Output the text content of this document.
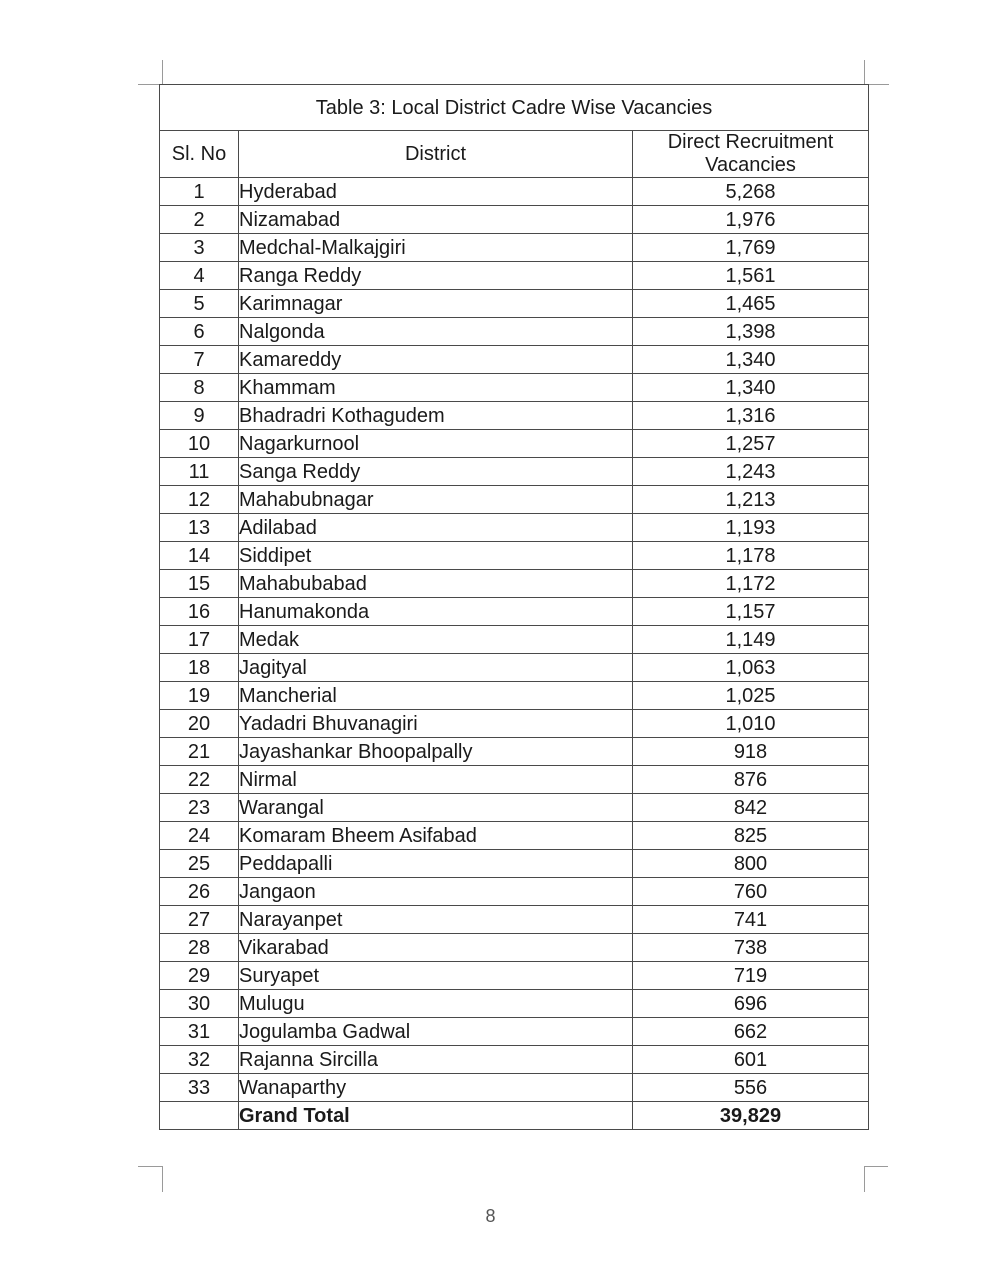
Table 3: Local District Cadre Wise Vacancies		
Sl. No	District	Direct Recruitment
Vacancies
1	Hyderabad	5,268
2	Nizamabad	1,976
3	Medchal-Malkajgiri	1,769
4	Ranga Reddy	1,561
5	Karimnagar	1,465
6	Nalgonda	1,398
7	Kamareddy	1,340
8	Khammam	1,340
9	Bhadradri Kothagudem	1,316
10	Nagarkurnool	1,257
11	Sanga Reddy	1,243
12	Mahabubnagar	1,213
13	Adilabad	1,193
14	Siddipet	1,178
15	Mahabubabad	1,172
16	Hanumakonda	1,157
17	Medak	1,149
18	Jagityal	1,063
19	Mancherial	1,025
20	Yadadri Bhuvanagiri	1,010
21	Jayashankar Bhoopalpally	918
22	Nirmal	876
23	Warangal	842
24	Komaram Bheem Asifabad	825
25	Peddapalli	800
26	Jangaon	760
27	Narayanpet	741
28	Vikarabad	738
29	Suryapet	719
30	Mulugu	696
31	Jogulamba Gadwal	662
32	Rajanna Sircilla	601
33	Wanaparthy	556
	Grand Total	39,829
8
